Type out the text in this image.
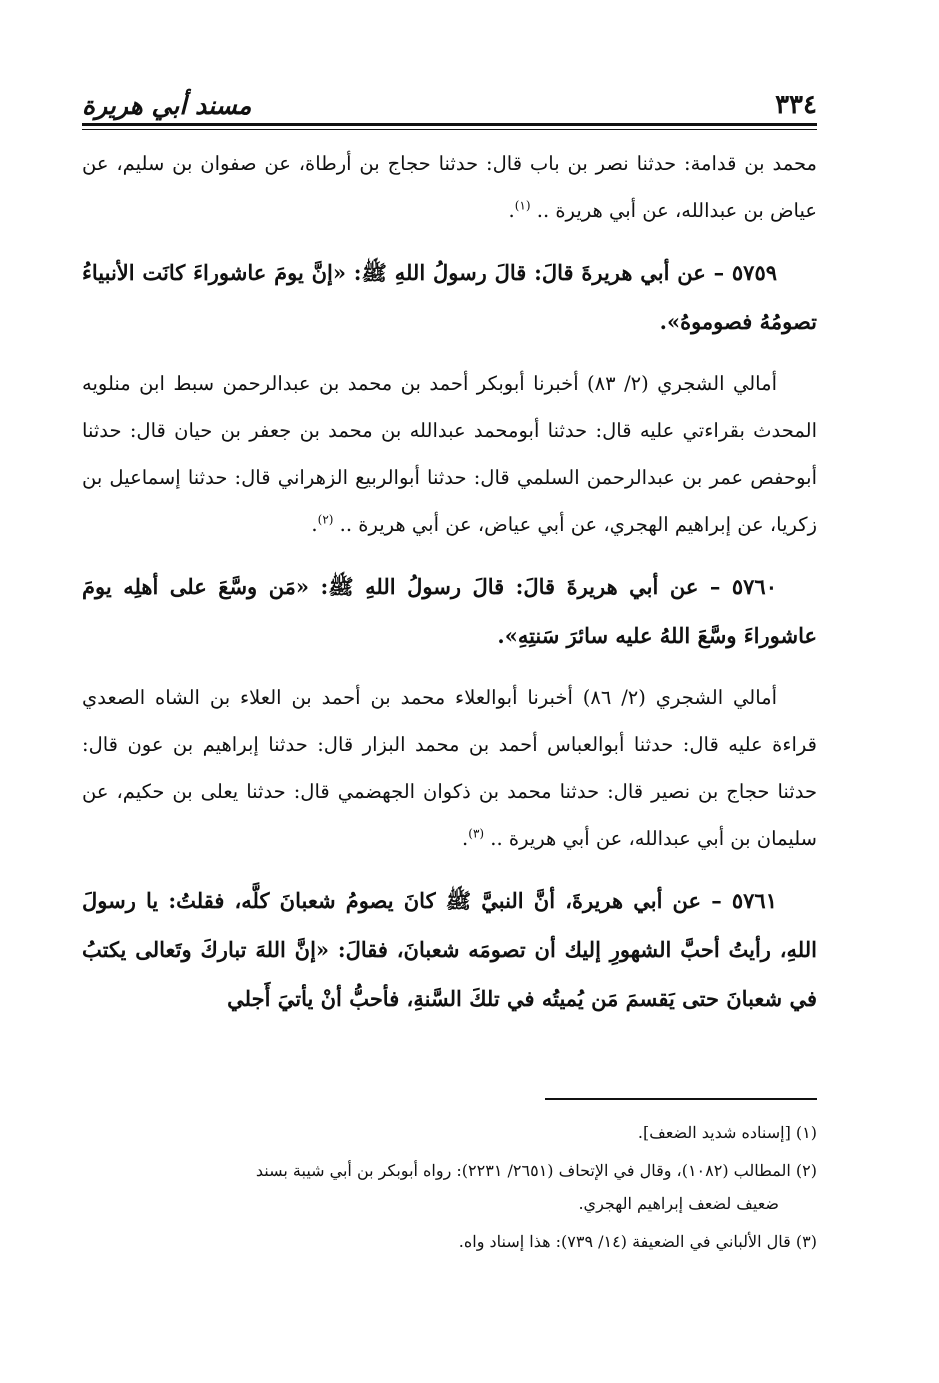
٣٣٤
مسند أبي هريرة

محمد بن قدامة: حدثنا نصر بن باب قال: حدثنا حجاج بن أرطاة، عن صفوان بن سليم، عن عياض بن عبدالله، عن أبي هريرة .. $^{(١)}$.

٥٧٥٩ – عن أبي هريرةَ قالَ: قالَ رسولُ اللهِ ﷺ: «إنَّ يومَ عاشوراءَ كانَت الأنبياءُ تصومُهُ فصوموهُ».

أمالي الشجري (٢/ ٨٣) أخبرنا أبوبكر أحمد بن محمد بن عبدالرحمن سبط ابن منلويه المحدث بقراءتي عليه قال: حدثنا أبومحمد عبدالله بن محمد بن جعفر بن حيان قال: حدثنا أبوحفص عمر بن عبدالرحمن السلمي قال: حدثنا أبوالربيع الزهراني قال: حدثنا إسماعيل بن زكريا، عن إبراهيم الهجري، عن أبي عياض، عن أبي هريرة .. $^{(٢)}$.

٥٧٦٠ – عن أبي هريرةَ قالَ: قالَ رسولُ اللهِ ﷺ: «مَن وسَّعَ على أهلِه يومَ عاشوراءَ وسَّعَ اللهُ عليه سائرَ سَنتِهِ».

أمالي الشجري (٢/ ٨٦) أخبرنا أبوالعلاء محمد بن أحمد بن العلاء بن الشاه الصعدي قراءة عليه قال: حدثنا أبوالعباس أحمد بن محمد البزار قال: حدثنا إبراهيم بن عون قال: حدثنا حجاج بن نصير قال: حدثنا محمد بن ذكوان الجهضمي قال: حدثنا يعلى بن حكيم، عن سليمان بن أبي عبدالله، عن أبي هريرة .. $^{(٣)}$.

٥٧٦١ – عن أبي هريرةَ، أنَّ النبيَّ ﷺ كانَ يصومُ شعبانَ كلَّه، فقلتُ: يا رسولَ اللهِ، رأيتُ أحبَّ الشهورِ إليك أن تصومَه شعبانَ، فقالَ: «إنَّ اللهَ تباركَ وتَعالى يكتبُ في شعبانَ حتى يَقسمَ مَن يُميتُه في تلكَ السَّنةِ، فأحبُّ أنْ يأتيَ أَجلي

(١) [إسناده شديد الضعف].
(٢) المطالب (١٠٨٢)، وقال في الإتحاف (٢٦٥١/ ٢٢٣١): رواه أبوبكر بن أبي شيبة بسند
ضعيف لضعف إبراهيم الهجري.
(٣) قال الألباني في الضعيفة (١٤/ ٧٣٩): هذا إسناد واه.
